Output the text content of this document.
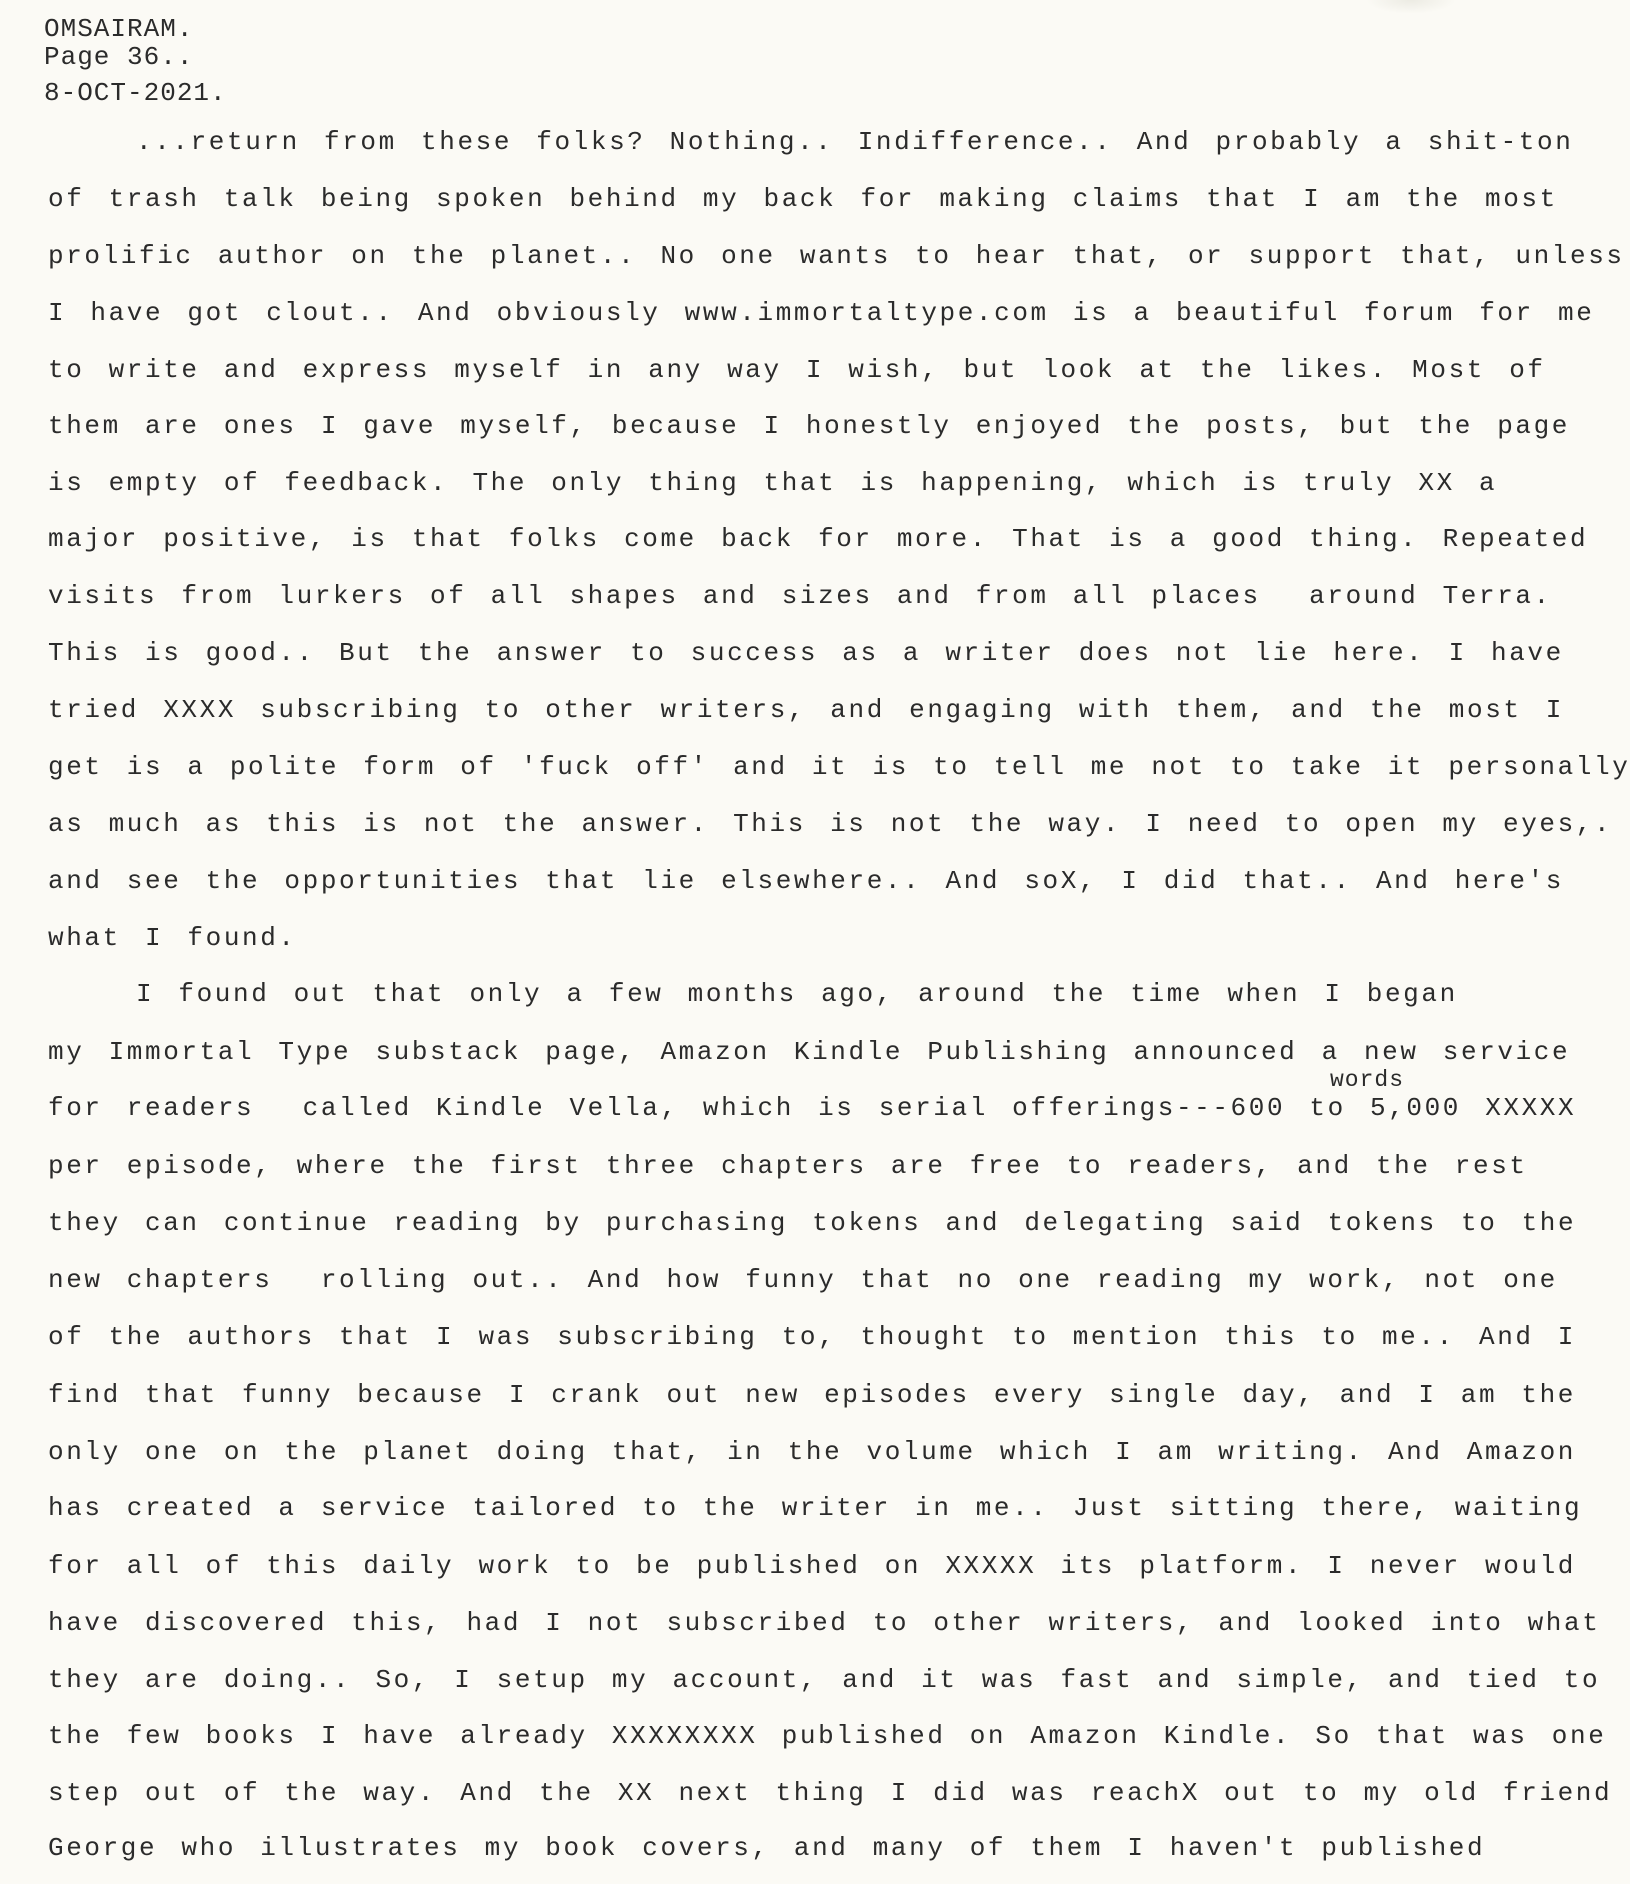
OMSAIRAM.
Page 36..
8-OCT-2021.
...return from these folks? Nothing.. Indifference.. And probably a shit-ton
of trash talk being spoken behind my back for making claims that I am the most
prolific author on the planet.. No one wants to hear that, or support that, unless
I have got clout.. And obviously www.immortaltype.com is a beautiful forum for me
to write and express myself in any way I wish, but look at the likes. Most of
them are ones I gave myself, because I honestly enjoyed the posts, but the page
is empty of feedback. The only thing that is happening, which is truly XX a
major positive, is that folks come back for more. That is a good thing. Repeated
visits from lurkers of all shapes and sizes and from all places  around Terra.
This is good.. But the answer to success as a writer does not lie here. I have
tried XXXX subscribing to other writers, and engaging with them, and the most I
get is a polite form of 'fuck off' and it is to tell me not to take it personally
as much as this is not the answer. This is not the way. I need to open my eyes,.
and see the opportunities that lie elsewhere.. And soX, I did that.. And here's
what I found.
I found out that only a few months ago, around the time when I began
my Immortal Type substack page, Amazon Kindle Publishing announced a new service
words
for readers  called Kindle Vella, which is serial offerings---600 to 5,000 XXXXX
per episode, where the first three chapters are free to readers, and the rest
they can continue reading by purchasing tokens and delegating said tokens to the
new chapters  rolling out.. And how funny that no one reading my work, not one
of the authors that I was subscribing to, thought to mention this to me.. And I
find that funny because I crank out new episodes every single day, and I am the
only one on the planet doing that, in the volume which I am writing. And Amazon
has created a service tailored to the writer in me.. Just sitting there, waiting
for all of this daily work to be published on XXXXX its platform. I never would
have discovered this, had I not subscribed to other writers, and looked into what
they are doing.. So, I setup my account, and it was fast and simple, and tied to
the few books I have already XXXXXXXX published on Amazon Kindle. So that was one
step out of the way. And the XX next thing I did was reachX out to my old friend
George who illustrates my book covers, and many of them I haven't published
